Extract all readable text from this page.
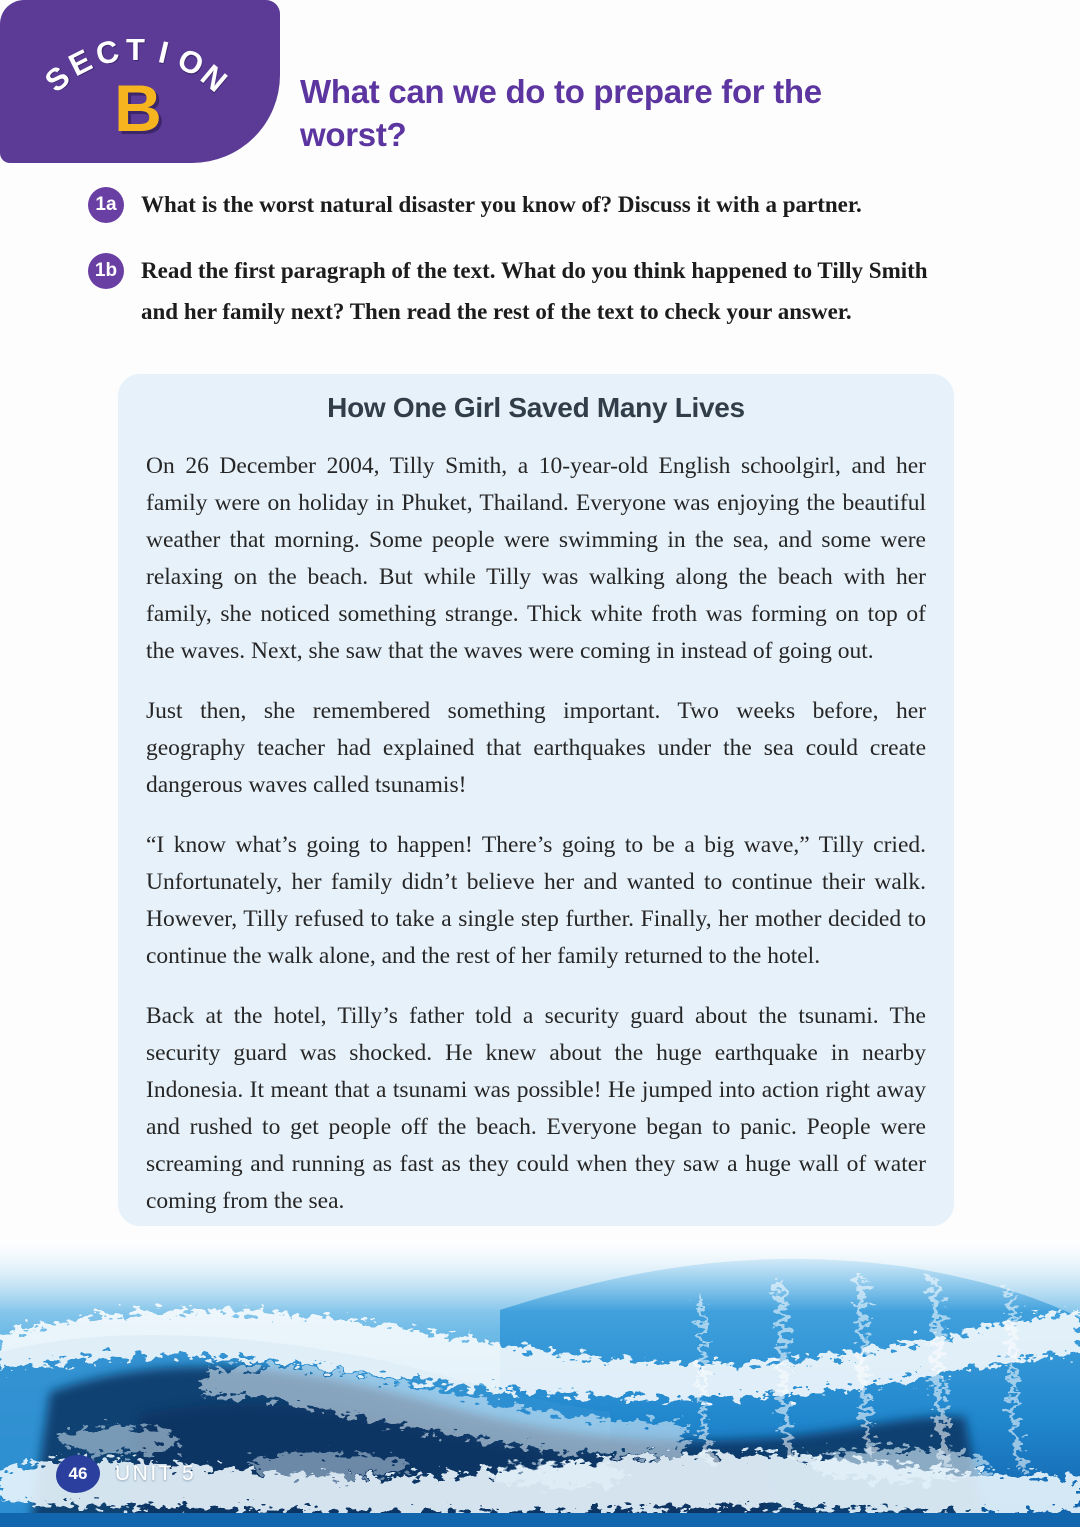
S
E
C T I
O
N
B	What can we do to prepare for the worst?
1a	What is the worst natural disaster you know of? Discuss it with a partner.
1b	Read the first paragraph of the text. What do you think happened to Tilly Smith and her family next? Then read the rest of the text to check your answer.
How One Girl Saved Many Lives

On 26 December 2004, Tilly Smith, a 10-year-old English schoolgirl, and her family were on holiday in Phuket, Thailand. Everyone was enjoying the beautiful weather that morning. Some people were swimming in the sea, and some were relaxing on the beach. But while Tilly was walking along the beach with her family, she noticed something strange. Thick white froth was forming on top of the waves. Next, she saw that the waves were coming in instead of going out.

Just then, she remembered something important. Two weeks before, her geography teacher had explained that earthquakes under the sea could create dangerous waves called tsunamis!

“I know what’s going to happen! There’s going to be a big wave,” Tilly cried. Unfortunately, her family didn’t believe her and wanted to continue their walk. However, Tilly refused to take a single step further. Finally, her mother decided to continue the walk alone, and the rest of her family returned to the hotel.

Back at the hotel, Tilly’s father told a security guard about the tsunami. The security guard was shocked. He knew about the huge earthquake in nearby Indonesia. It meant that a tsunami was possible! He jumped into action right away and rushed to get people off the beach. Everyone began to panic. People were screaming and running as fast as they could when they saw a huge wall of water coming from the sea.

46	UNIT 5
